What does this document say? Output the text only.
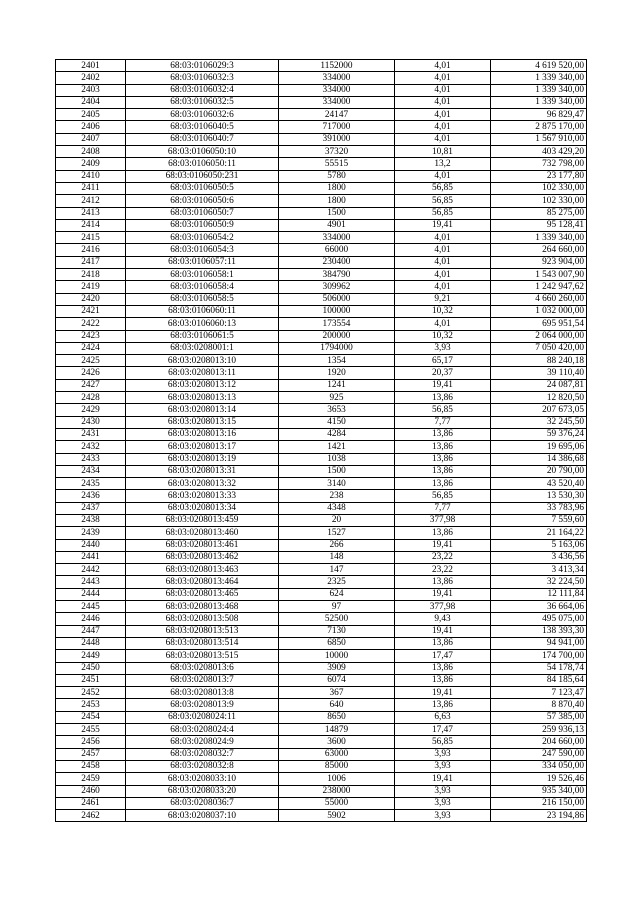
2401	68:03:0106029:3	1152000	4,01	4 619 520,00
2402	68:03:0106032:3	334000	4,01	1 339 340,00
2403	68:03:0106032:4	334000	4,01	1 339 340,00
2404	68:03:0106032:5	334000	4,01	1 339 340,00
2405	68:03:0106032:6	24147	4,01	96 829,47
2406	68:03:0106040:5	717000	4,01	2 875 170,00
2407	68:03:0106040:7	391000	4,01	1 567 910,00
2408	68:03:0106050:10	37320	10,81	403 429,20
2409	68:03:0106050:11	55515	13,2	732 798,00
2410	68:03:0106050:231	5780	4,01	23 177,80
2411	68:03:0106050:5	1800	56,85	102 330,00
2412	68:03:0106050:6	1800	56,85	102 330,00
2413	68:03:0106050:7	1500	56,85	85 275,00
2414	68:03:0106050:9	4901	19,41	95 128,41
2415	68:03:0106054:2	334000	4,01	1 339 340,00
2416	68:03:0106054:3	66000	4,01	264 660,00
2417	68:03:0106057:11	230400	4,01	923 904,00
2418	68:03:0106058:1	384790	4,01	1 543 007,90
2419	68:03:0106058:4	309962	4,01	1 242 947,62
2420	68:03:0106058:5	506000	9,21	4 660 260,00
2421	68:03:0106060:11	100000	10,32	1 032 000,00
2422	68:03:0106060:13	173554	4,01	695 951,54
2423	68:03:0106061:5	200000	10,32	2 064 000,00
2424	68:03:0208001:1	1794000	3,93	7 050 420,00
2425	68:03:0208013:10	1354	65,17	88 240,18
2426	68:03:0208013:11	1920	20,37	39 110,40
2427	68:03:0208013:12	1241	19,41	24 087,81
2428	68:03:0208013:13	925	13,86	12 820,50
2429	68:03:0208013:14	3653	56,85	207 673,05
2430	68:03:0208013:15	4150	7,77	32 245,50
2431	68:03:0208013:16	4284	13,86	59 376,24
2432	68:03:0208013:17	1421	13,86	19 695,06
2433	68:03:0208013:19	1038	13,86	14 386,68
2434	68:03:0208013:31	1500	13,86	20 790,00
2435	68:03:0208013:32	3140	13,86	43 520,40
2436	68:03:0208013:33	238	56,85	13 530,30
2437	68:03:0208013:34	4348	7,77	33 783,96
2438	68:03:0208013:459	20	377,98	7 559,60
2439	68:03:0208013:460	1527	13,86	21 164,22
2440	68:03:0208013:461	266	19,41	5 163,06
2441	68:03:0208013:462	148	23,22	3 436,56
2442	68:03:0208013:463	147	23,22	3 413,34
2443	68:03:0208013:464	2325	13,86	32 224,50
2444	68:03:0208013:465	624	19,41	12 111,84
2445	68:03:0208013:468	97	377,98	36 664,06
2446	68:03:0208013:508	52500	9,43	495 075,00
2447	68:03:0208013:513	7130	19,41	138 393,30
2448	68:03:0208013:514	6850	13,86	94 941,00
2449	68:03:0208013:515	10000	17,47	174 700,00
2450	68:03:0208013:6	3909	13,86	54 178,74
2451	68:03:0208013:7	6074	13,86	84 185,64
2452	68:03:0208013:8	367	19,41	7 123,47
2453	68:03:0208013:9	640	13,86	8 870,40
2454	68:03:0208024:11	8650	6,63	57 385,00
2455	68:03:0208024:4	14879	17,47	259 936,13
2456	68:03:0208024:9	3600	56,85	204 660,00
2457	68:03:0208032:7	63000	3,93	247 590,00
2458	68:03:0208032:8	85000	3,93	334 050,00
2459	68:03:0208033:10	1006	19,41	19 526,46
2460	68:03:0208033:20	238000	3,93	935 340,00
2461	68:03:0208036:7	55000	3,93	216 150,00
2462	68:03:0208037:10	5902	3,93	23 194,86
